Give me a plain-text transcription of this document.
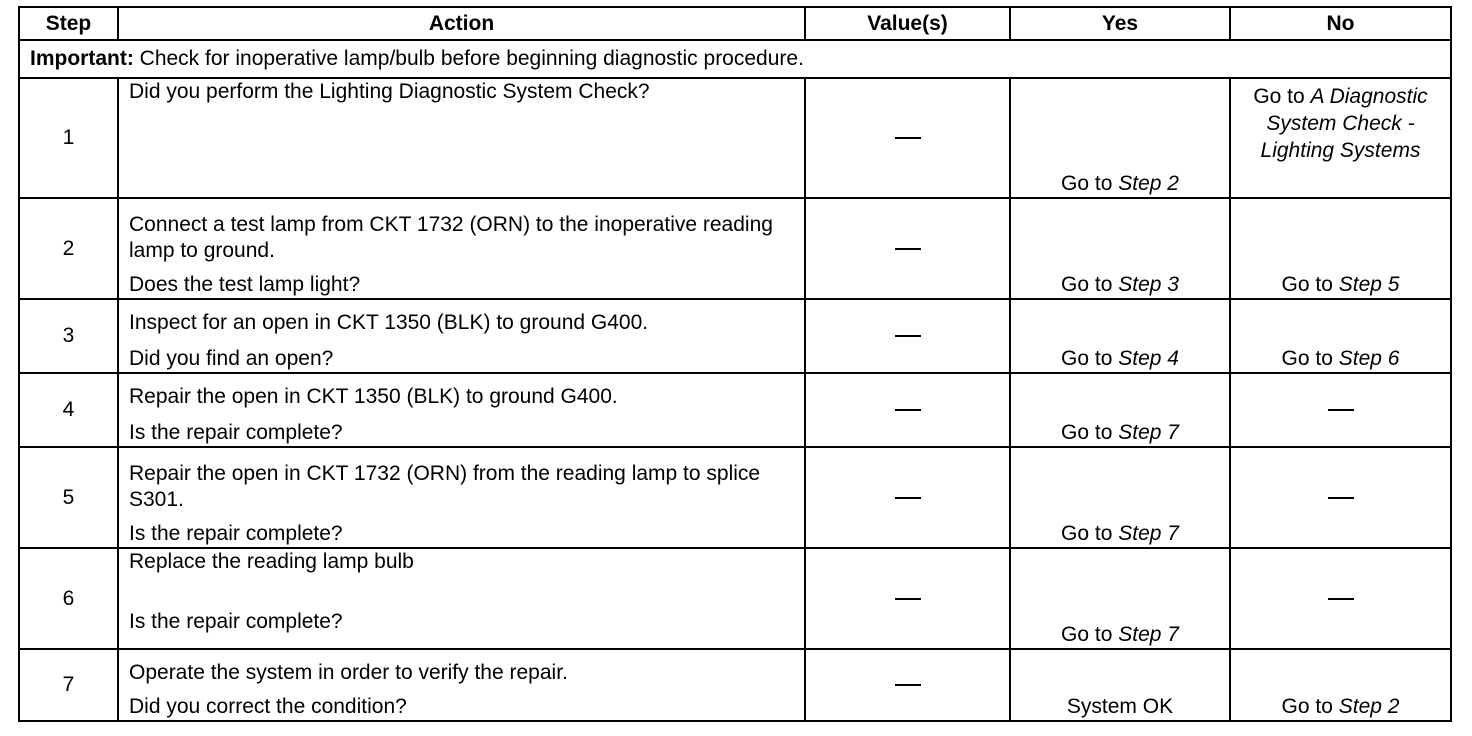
Step	Action	Value(s)	Yes	No
Important: Check for inoperative lamp/bulb before beginning diagnostic procedure.				
1	Did you perform the Lighting Diagnostic System Check?		Go to Step 2	Go to A Diagnostic System Check - Lighting Systems
2	Connect a test lamp from CKT 1732 (ORN) to the inoperative reading lamp to ground.
Does the test lamp light?		Go to Step 3	Go to Step 5
3	Inspect for an open in CKT 1350 (BLK) to ground G400.
Did you find an open?		Go to Step 4	Go to Step 6
4	Repair the open in CKT 1350 (BLK) to ground G400.
Is the repair complete?		Go to Step 7	
5	Repair the open in CKT 1732 (ORN) from the reading lamp to splice S301.
Is the repair complete?		Go to Step 7	
6	Replace the reading lamp bulb
Is the repair complete?		Go to Step 7	
7	Operate the system in order to verify the repair.
Did you correct the condition?		System OK	Go to Step 2
